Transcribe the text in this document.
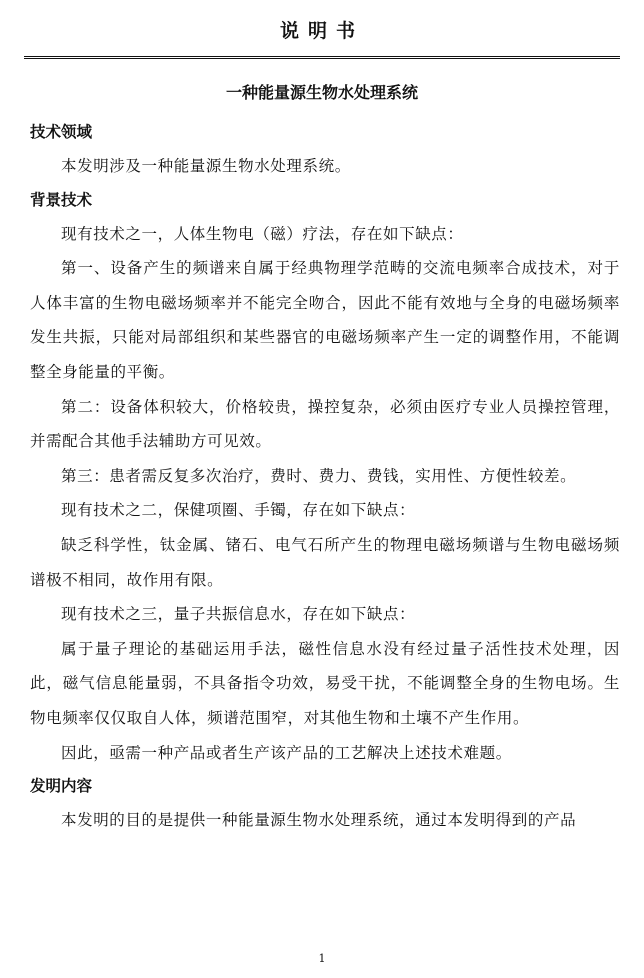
说明书
一种能量源生物水处理系统
技术领域

本发明涉及一种能量源生物水处理系统。

背景技术

现有技术之一，人体生物电（磁）疗法，存在如下缺点：

第一、设备产生的频谱来自属于经典物理学范畴的交流电频率合成技术，对于人体丰富的生物电磁场频率并不能完全吻合，因此不能有效地与全身的电磁场频率发生共振，只能对局部组织和某些器官的电磁场频率产生一定的调整作用，不能调整全身能量的平衡。

第二：设备体积较大，价格较贵，操控复杂，必须由医疗专业人员操控管理，并需配合其他手法辅助方可见效。

第三：患者需反复多次治疗，费时、费力、费钱，实用性、方便性较差。

现有技术之二，保健项圈、手镯，存在如下缺点：

缺乏科学性，钛金属、锗石、电气石所产生的物理电磁场频谱与生物电磁场频谱极不相同，故作用有限。

现有技术之三，量子共振信息水，存在如下缺点：

属于量子理论的基础运用手法，磁性信息水没有经过量子活性技术处理，因此，磁气信息能量弱，不具备指令功效，易受干扰，不能调整全身的生物电场。生物电频率仅仅取自人体，频谱范围窄，对其他生物和土壤不产生作用。

因此，亟需一种产品或者生产该产品的工艺解决上述技术难题。

发明内容

本发明的目的是提供一种能量源生物水处理系统，通过本发明得到的产品

1
